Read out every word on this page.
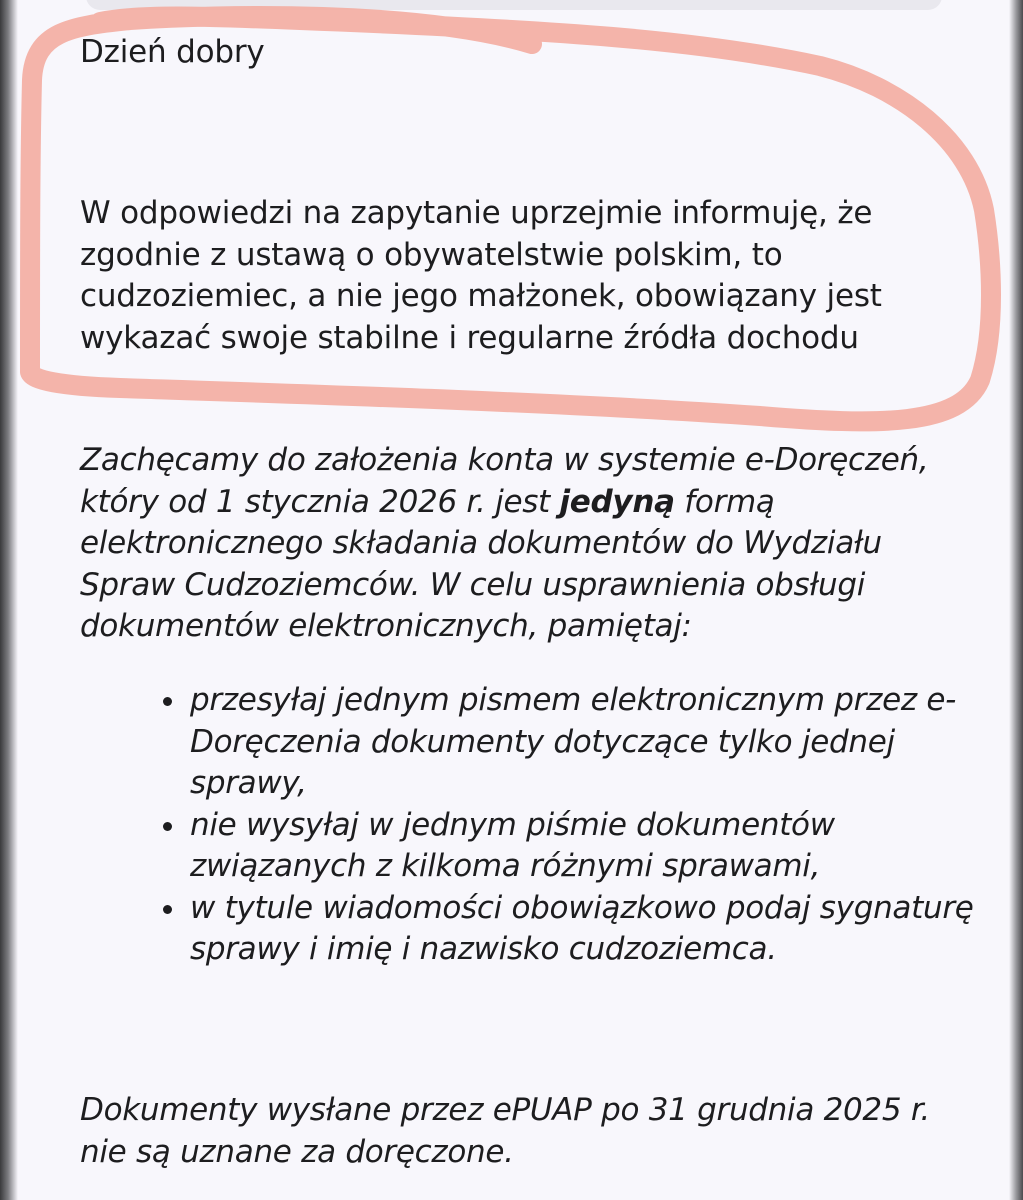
Dzień dobry

W odpowiedzi na zapytanie uprzejmie informuję, że zgodnie z ustawą o obywatelstwie polskim, to cudzoziemiec, a nie jego małżonek, obowiązany jest wykazać swoje stabilne i regularne źródła dochodu

Zachęcamy do założenia konta w systemie e-Doręczeń, który od 1 stycznia 2026 r. jest jedyną formą elektronicznego składania dokumentów do Wydziału Spraw Cudzoziemców. W celu usprawnienia obsługi dokumentów elektronicznych, pamiętaj:

przesyłaj jednym pismem elektronicznym przez e-Doręczenia dokumenty dotyczące tylko jednej sprawy,
nie wysyłaj w jednym piśmie dokumentów związanych z kilkoma różnymi sprawami,
w tytule wiadomości obowiązkowo podaj sygnaturę sprawy i imię i nazwisko cudzoziemca.

Dokumenty wysłane przez ePUAP po 31 grudnia 2025 r. nie są uznane za doręczone.
